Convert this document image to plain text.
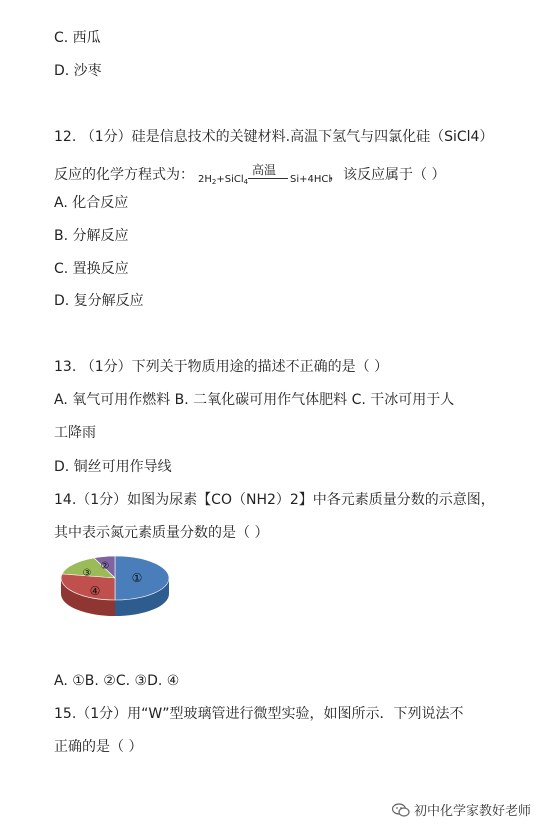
C. 西瓜
D. 沙枣
12. （1分）硅是信息技术的关键材料.高温下氢气与四氯化硅（SiCl4）
反应的化学方程式为： $2H_2+SiCl_4$
高温
Si+4HCl
，该反应属于（ ）
A. 化合反应
B. 分解反应
C. 置换反应
D. 复分解反应
13. （1分）下列关于物质用途的描述不正确的是（ ）
A. 氧气可用作燃料 B. 二氧化碳可用作气体肥料 C. 干冰可用于人
工降雨
D. 铜丝可用作导线
14.（1分）如图为尿素【CO（NH2）2】中各元素质量分数的示意图，
其中表示氮元素质量分数的是（ ）
①
②
③
④
A. ①B. ②C. ③D. ④
15.（1分）用“W”型玻璃管进行微型实验，如图所示．下列说法不
正确的是（ ）
初中化学家教好老师
